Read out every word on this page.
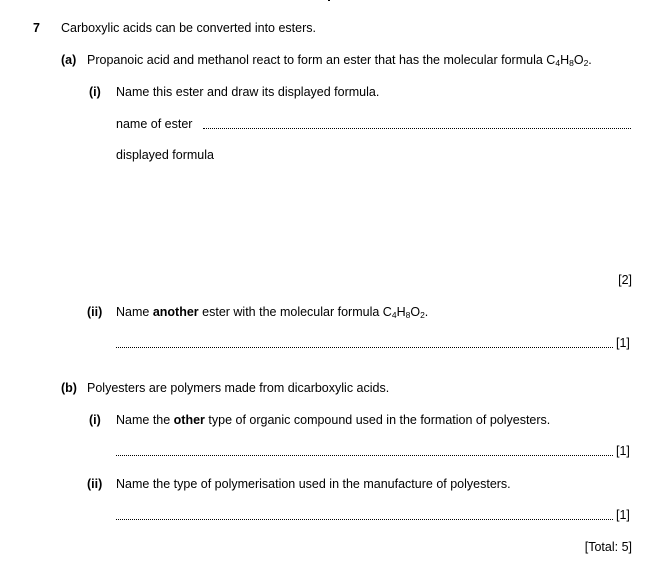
7 Carboxylic acids can be converted into esters.
(a) Propanoic acid and methanol react to form an ester that has the molecular formula $C_4H_8O_2$.
(i) Name this ester and draw its displayed formula.
name of ester
displayed formula
[2]
(ii) Name another ester with the molecular formula $C_4H_8O_2$.
[1]
(b) Polyesters are polymers made from dicarboxylic acids.
(i) Name the other type of organic compound used in the formation of polyesters.
[1]
(ii) Name the type of polymerisation used in the manufacture of polyesters.
[1]
[Total: 5]
